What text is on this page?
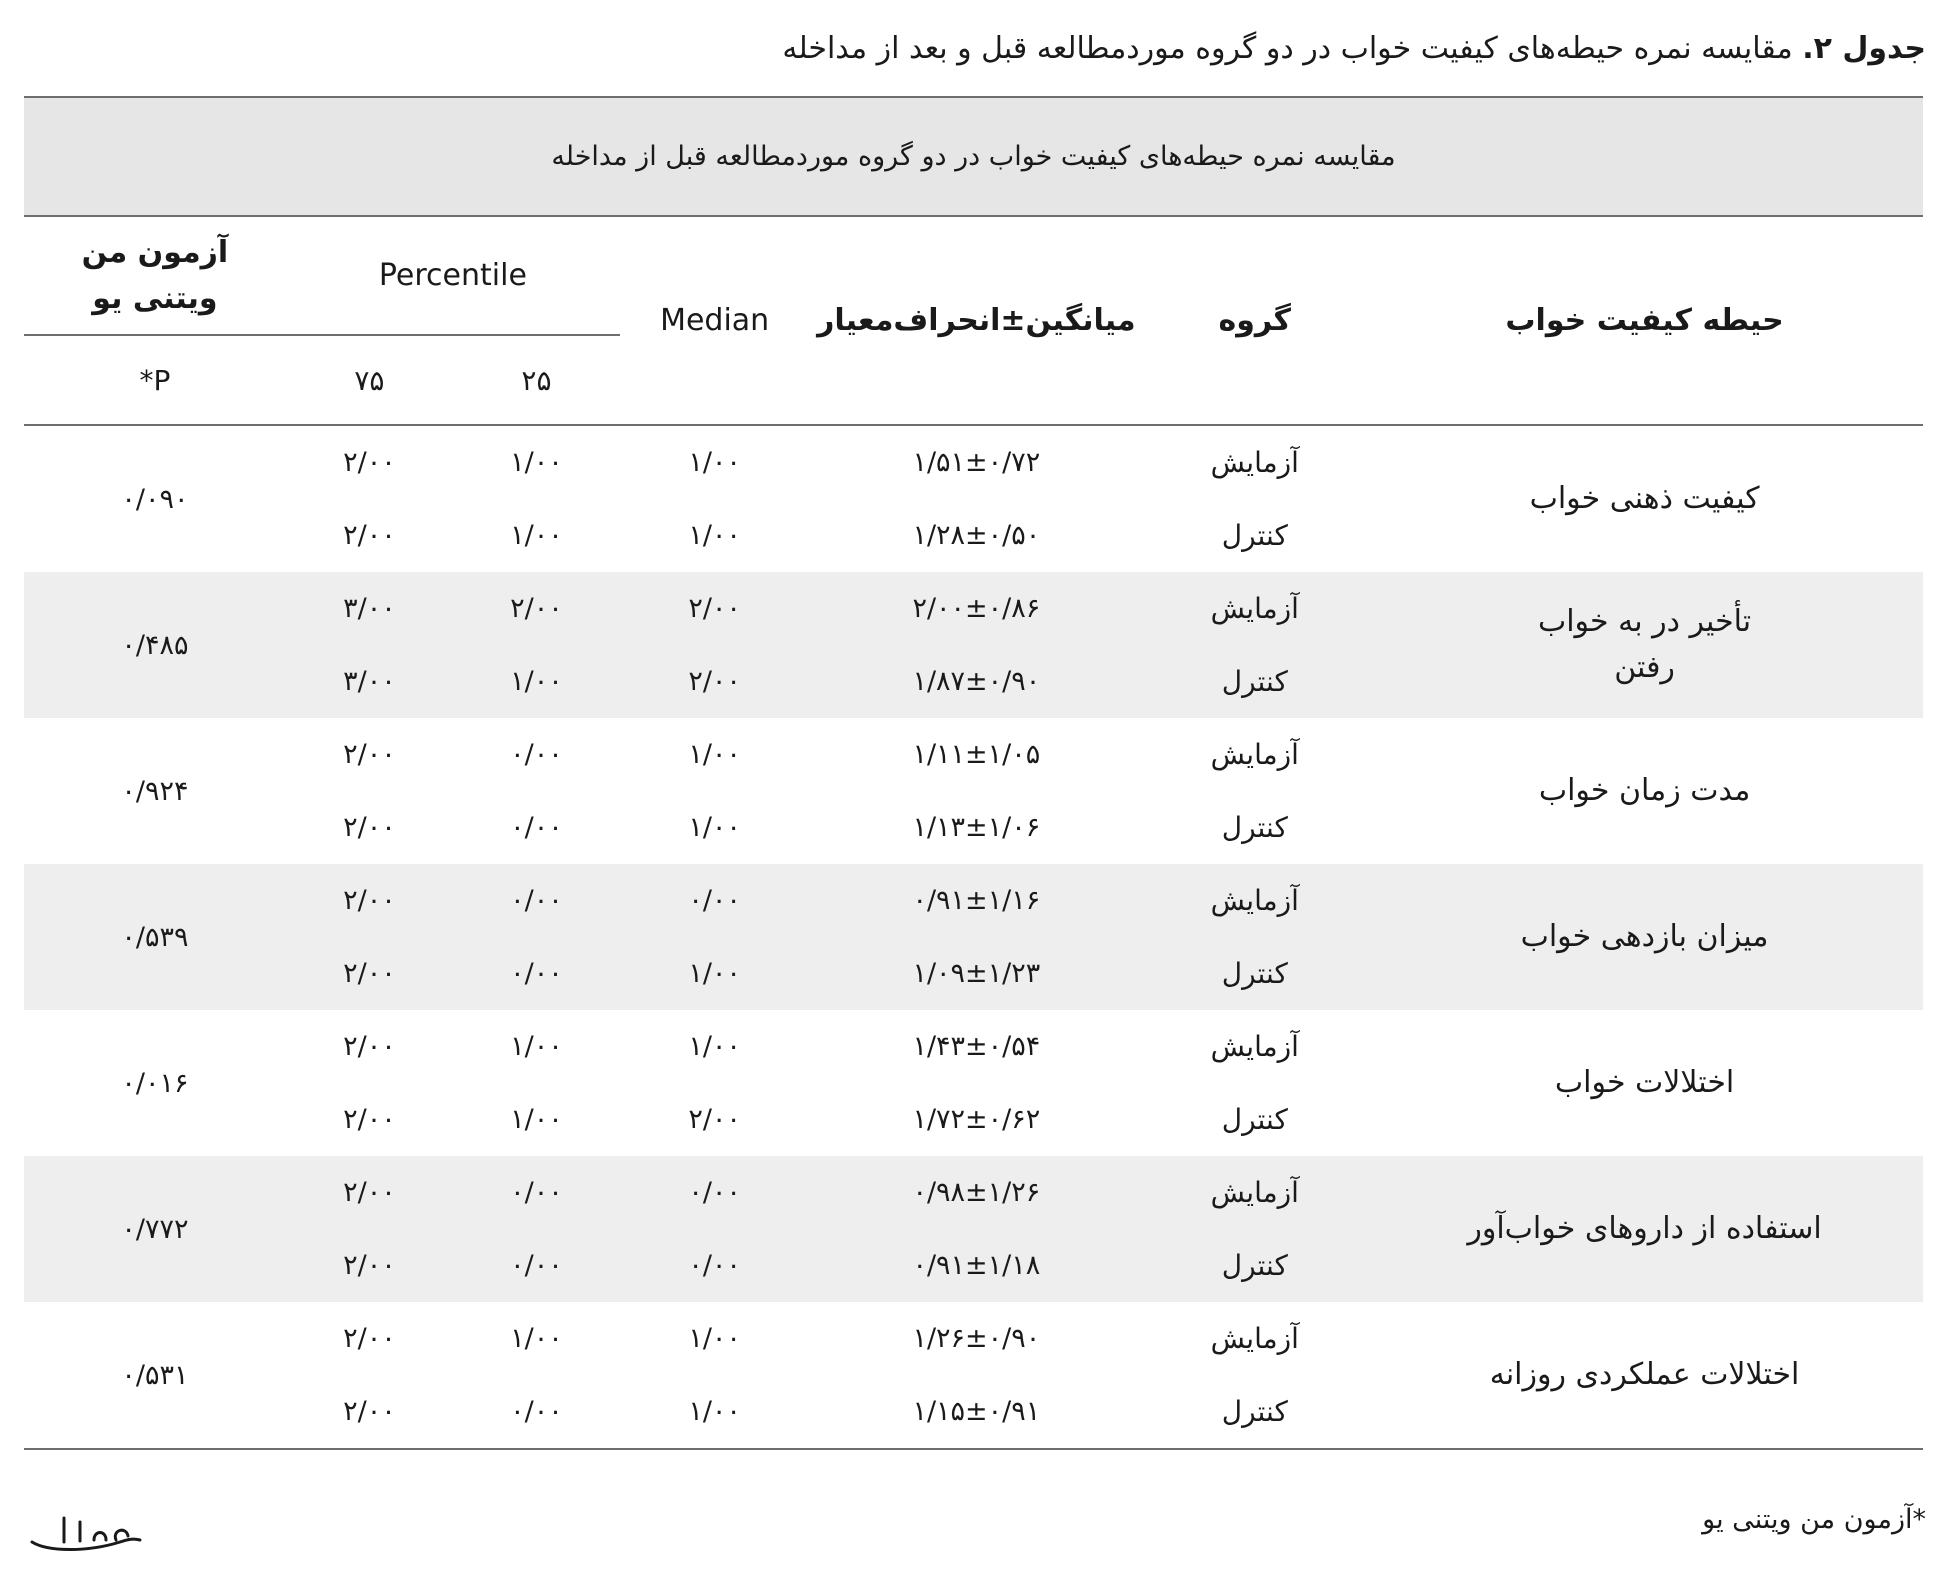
جدول ۲. مقایسه نمره حیطه‌های کیفیت خواب در دو گروه موردمطالعه قبل و بعد از مداخله
مقایسه نمره حیطه‌های کیفیت خواب در دو گروه موردمطالعه قبل از مداخله						
حیطه کیفیت خواب	گروه	میانگین±انحراف‌معیار	Median	Percentile		آزمون من ویتنی یو
				۲۵	۷۵	P*
کیفیت ذهنی خواب	آزمایش	۱/۵۱±۰/۷۲	۱/۰۰	۱/۰۰	۲/۰۰	۰/۰۹۰
	کنترل	۱/۲۸±۰/۵۰	۱/۰۰	۱/۰۰	۲/۰۰	
تأخیر در به خواب رفتن	آزمایش	۲/۰۰±۰/۸۶	۲/۰۰	۲/۰۰	۳/۰۰	۰/۴۸۵
	کنترل	۱/۸۷±۰/۹۰	۲/۰۰	۱/۰۰	۳/۰۰	
مدت زمان خواب	آزمایش	۱/۱۱±۱/۰۵	۱/۰۰	۰/۰۰	۲/۰۰	۰/۹۲۴
	کنترل	۱/۱۳±۱/۰۶	۱/۰۰	۰/۰۰	۲/۰۰	
میزان بازدهی خواب	آزمایش	۰/۹۱±۱/۱۶	۰/۰۰	۰/۰۰	۲/۰۰	۰/۵۳۹
	کنترل	۱/۰۹±۱/۲۳	۱/۰۰	۰/۰۰	۲/۰۰	
اختلالات خواب	آزمایش	۱/۴۳±۰/۵۴	۱/۰۰	۱/۰۰	۲/۰۰	۰/۰۱۶
	کنترل	۱/۷۲±۰/۶۲	۲/۰۰	۱/۰۰	۲/۰۰	
استفاده از داروهای خواب‌آور	آزمایش	۰/۹۸±۱/۲۶	۰/۰۰	۰/۰۰	۲/۰۰	۰/۷۷۲
	کنترل	۰/۹۱±۱/۱۸	۰/۰۰	۰/۰۰	۲/۰۰	
اختلالات عملکردی روزانه	آزمایش	۱/۲۶±۰/۹۰	۱/۰۰	۱/۰۰	۲/۰۰	۰/۵۳۱
	کنترل	۱/۱۵±۰/۹۱	۱/۰۰	۰/۰۰	۲/۰۰	
*آزمون من ویتنی یو
